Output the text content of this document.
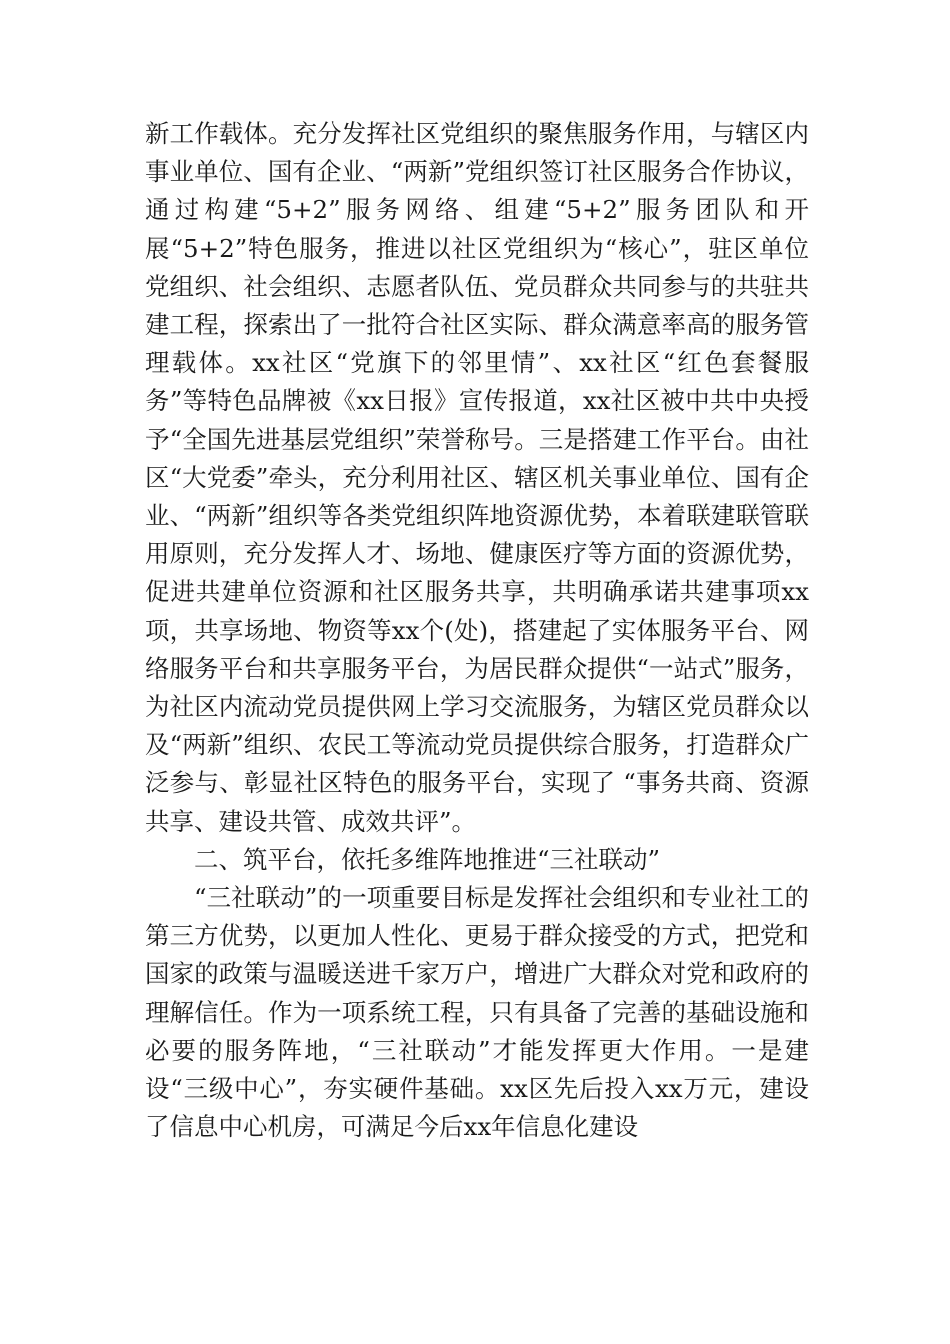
新工作载体。充分发挥社区党组织的聚焦服务作用，与辖区内事业单位、国有企业、“两新”党组织签订社区服务合作协议，通过构建“5+2”服务网络、组建“5+2”服务团队和开展“5+2”特色服务，推进以社区党组织为“核心”，驻区单位党组织、社会组织、志愿者队伍、党员群众共同参与的共驻共建工程，探索出了一批符合社区实际、群众满意率高的服务管理载体。xx社区“党旗下的邻里情”、xx社区“红色套餐服务”等特色品牌被《xx日报》宣传报道，xx社区被中共中央授予“全国先进基层党组织”荣誉称号。三是搭建工作平台。由社区“大党委”牵头，充分利用社区、辖区机关事业单位、国有企业、“两新”组织等各类党组织阵地资源优势，本着联建联管联用原则，充分发挥人才、场地、健康医疗等方面的资源优势，促进共建单位资源和社区服务共享，共明确承诺共建事项xx项，共享场地、物资等xx个(处)，搭建起了实体服务平台、网络服务平台和共享服务平台，为居民群众提供“一站式”服务，为社区内流动党员提供网上学习交流服务，为辖区党员群众以及“两新”组织、农民工等流动党员提供综合服务，打造群众广泛参与、彰显社区特色的服务平台，实现了 “事务共商、资源共享、建设共管、成效共评”。

二、筑平台，依托多维阵地推进“三社联动”

“三社联动”的一项重要目标是发挥社会组织和专业社工的第三方优势，以更加人性化、更易于群众接受的方式，把党和国家的政策与温暖送进千家万户，增进广大群众对党和政府的理解信任。作为一项系统工程，只有具备了完善的基础设施和必要的服务阵地，“三社联动”才能发挥更大作用。一是建设“三级中心”，夯实硬件基础。xx区先后投入xx万元，建设了信息中心机房，可满足今后xx年信息化建设
